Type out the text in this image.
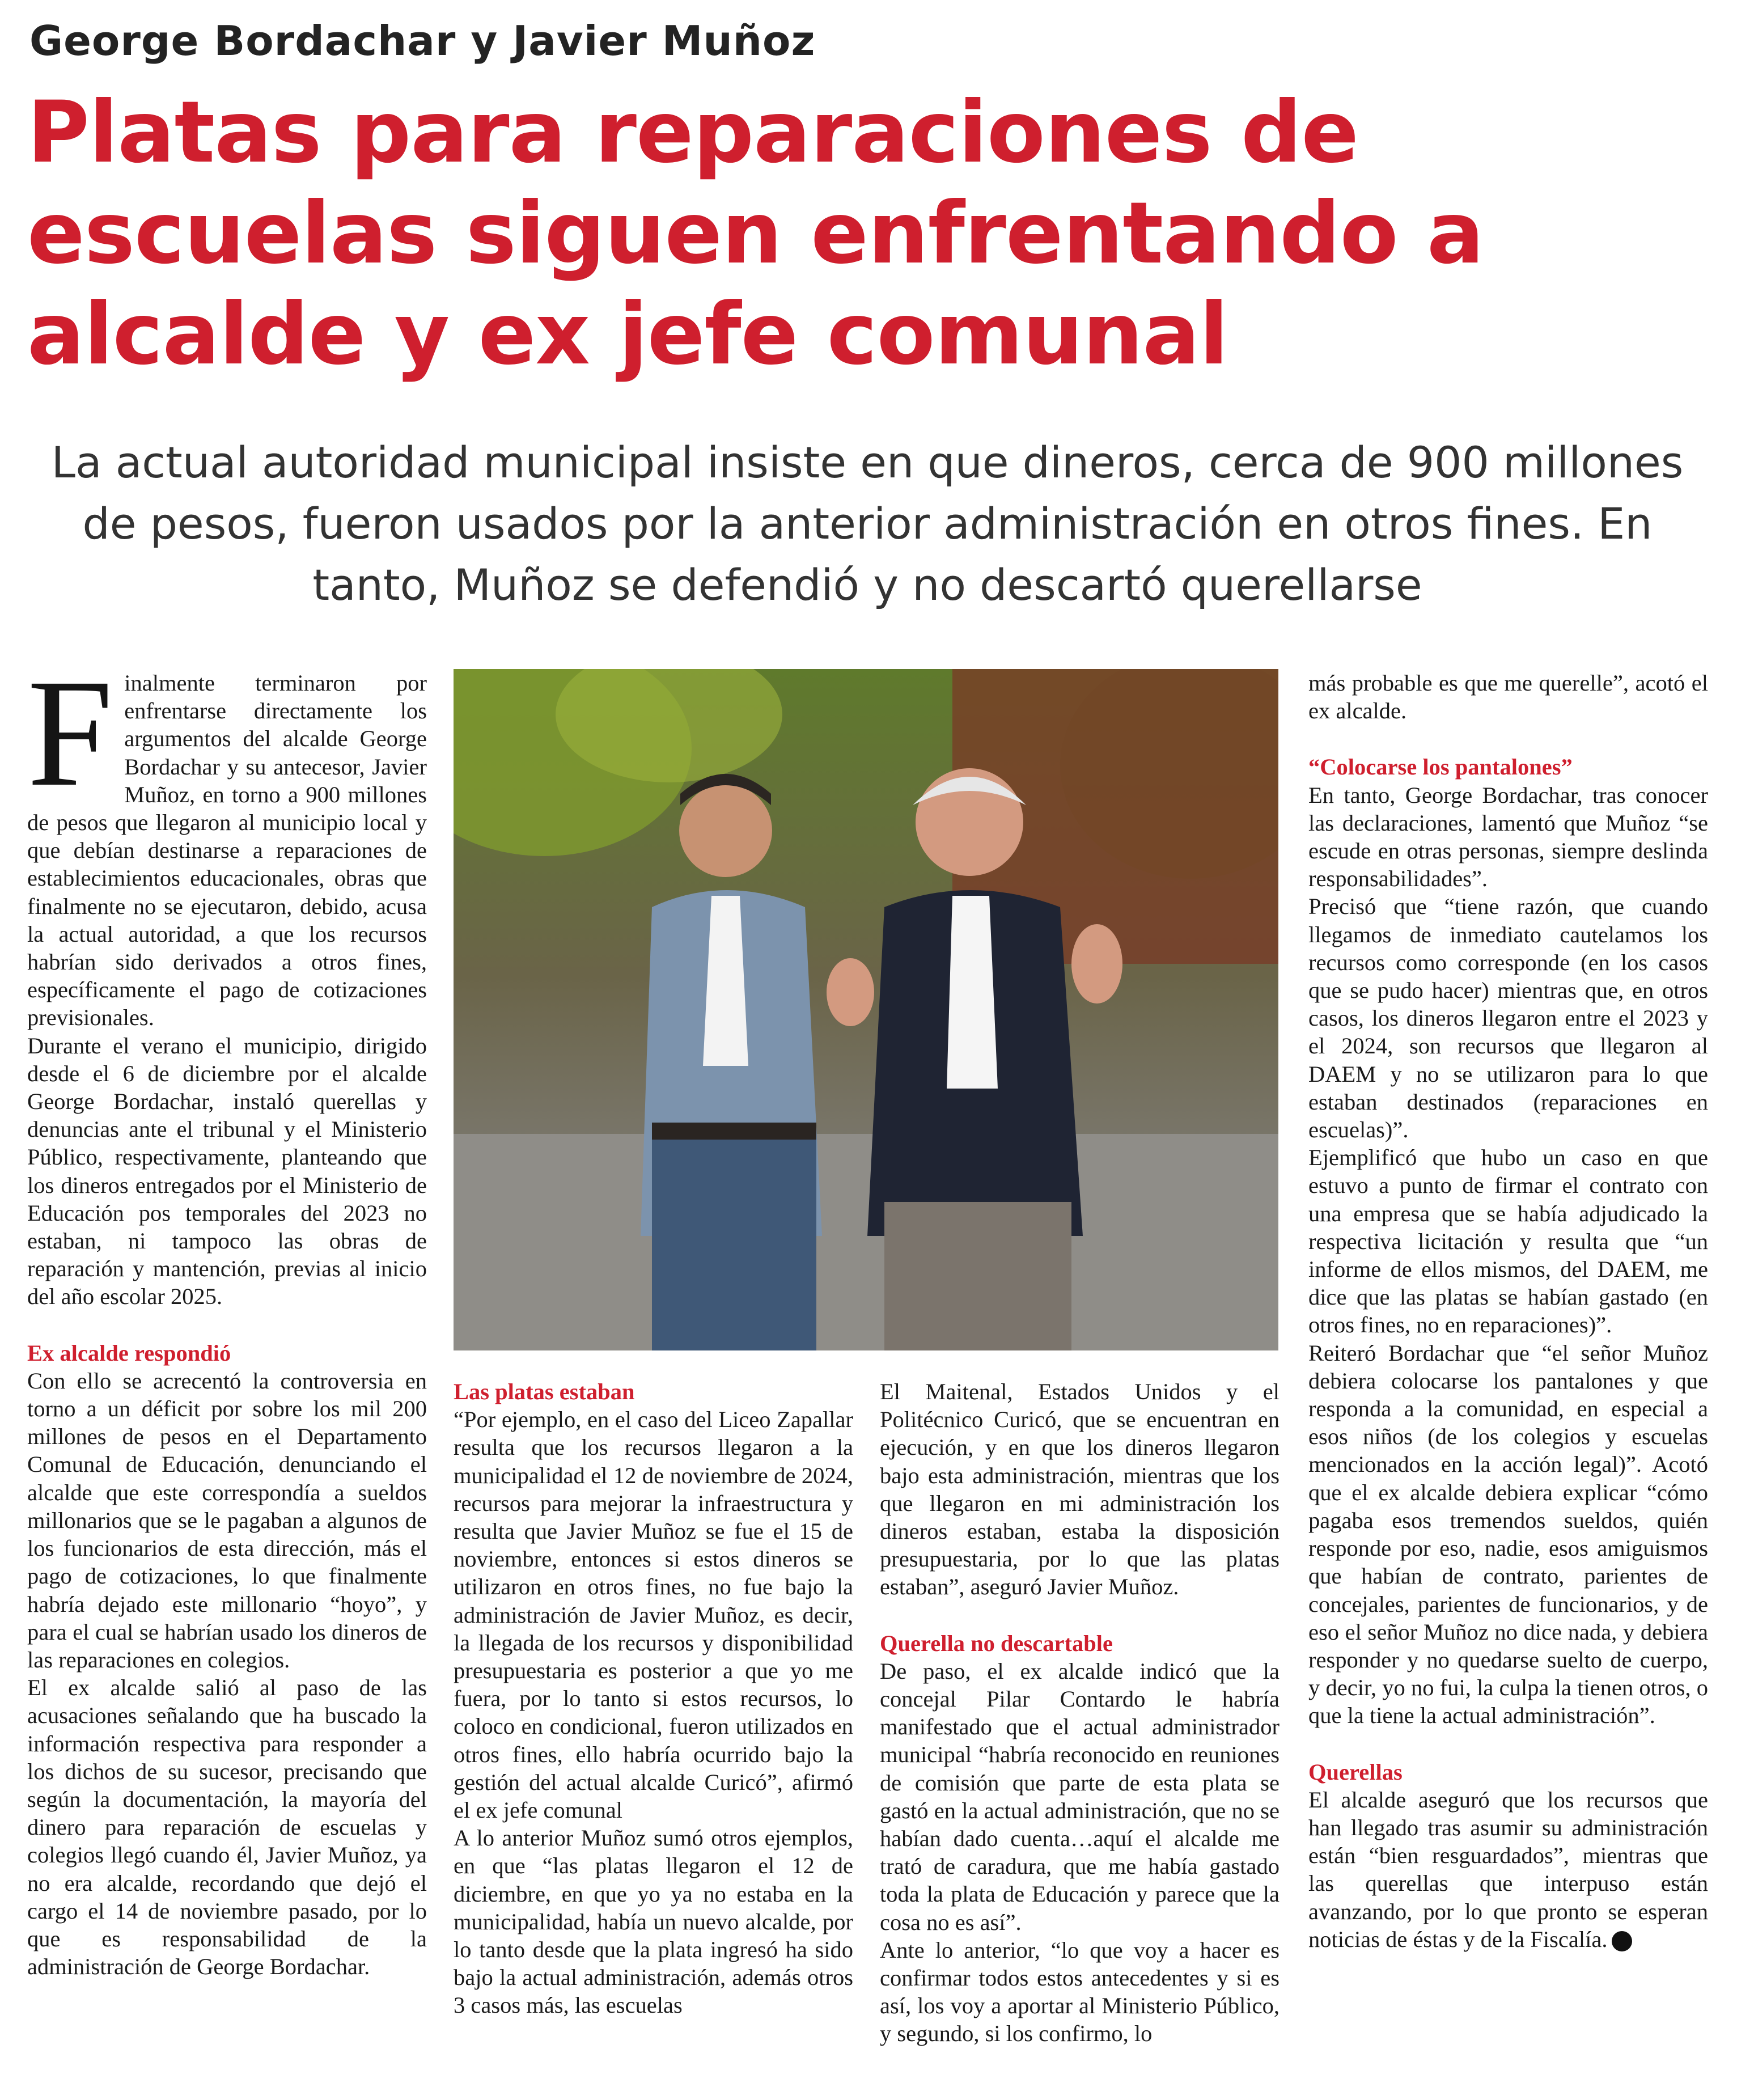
George Bordachar y Javier Muñoz
Platas para reparaciones de escuelas siguen enfrentando a alcalde y ex jefe comunal

La actual autoridad municipal insiste en que dineros, cerca de 900 millones de pesos, fueron usados por la anterior administración en otros fines. En tanto, Muñoz se defendió y no descartó querellarse

F inalmente terminaron por enfrentarse directamente los argumentos del alcalde George Bordachar y su antecesor, Javier Muñoz, en torno a 900 millones de pesos que llegaron al municipio local y que debían destinarse a reparaciones de establecimientos educacionales, obras que finalmente no se ejecutaron, debido, acusa la actual autoridad, a que los recursos habrían sido derivados a otros fines, específicamente el pago de cotizaciones previsionales.

Durante el verano el municipio, dirigido desde el 6 de diciembre por el alcalde George Bordachar, instaló querellas y denuncias ante el tribunal y el Ministerio Público, respectivamente, planteando que los dineros entregados por el Ministerio de Educación pos temporales del 2023 no estaban, ni tampoco las obras de reparación y mantención, previas al inicio del año escolar 2025.

Ex alcalde respondió

Con ello se acrecentó la controversia en torno a un déficit por sobre los mil 200 millones de pesos en el Departamento Comunal de Educación, denunciando el alcalde que este correspondía a sueldos millonarios que se le pagaban a algunos de los funcionarios de esta dirección, más el pago de cotizaciones, lo que finalmente habría dejado este millonario “hoyo”, y para el cual se habrían usado los dineros de las reparaciones en colegios.

El ex alcalde salió al paso de las acusaciones señalando que ha buscado la información respectiva para responder a los dichos de su sucesor, precisando que según la documentación, la mayoría del dinero para reparación de escuelas y colegios llegó cuando él, Javier Muñoz, ya no era alcalde, recordando que dejó el cargo el 14 de noviembre pasado, por lo que es responsabilidad de la administración de George Bordachar.

Las platas estaban

“Por ejemplo, en el caso del Liceo Zapallar resulta que los recursos llegaron a la municipalidad el 12 de noviembre de 2024, recursos para mejorar la infraestructura y resulta que Javier Muñoz se fue el 15 de noviembre, entonces si estos dineros se utilizaron en otros fines, no fue bajo la administración de Javier Muñoz, es decir, la llegada de los recursos y disponibilidad presupuestaria es posterior a que yo me fuera, por lo tanto si estos recursos, lo coloco en condicional, fueron utilizados en otros fines, ello habría ocurrido bajo la gestión del actual alcalde Curicó”, afirmó el ex jefe comunal

A lo anterior Muñoz sumó otros ejemplos, en que “las platas llegaron el 12 de diciembre, en que yo ya no estaba en la municipalidad, había un nuevo alcalde, por lo tanto desde que la plata ingresó ha sido bajo la actual administración, además otros 3 casos más, las escuelas

El Maitenal, Estados Unidos y el Politécnico Curicó, que se encuentran en ejecución, y en que los dineros llegaron bajo esta administración, mientras que los que llegaron en mi administración los dineros estaban, estaba la disposición presupuestaria, por lo que las platas estaban”, aseguró Javier Muñoz.

Querella no descartable

De paso, el ex alcalde indicó que la concejal Pilar Contardo le habría manifestado que el actual administrador municipal “habría reconocido en reuniones de comisión que parte de esta plata se gastó en la actual administración, que no se habían dado cuenta…aquí el alcalde me trató de caradura, que me había gastado toda la plata de Educación y parece que la cosa no es así”.

Ante lo anterior, “lo que voy a hacer es confirmar todos estos antecedentes y si es así, los voy a aportar al Ministerio Público, y segundo, si los confirmo, lo

más probable es que me querelle”, acotó el ex alcalde.

“Colocarse los pantalones”

En tanto, George Bordachar, tras conocer las declaraciones, lamentó que Muñoz “se escude en otras personas, siempre deslinda responsabilidades”.

Precisó que “tiene razón, que cuando llegamos de inmediato cautelamos los recursos como corresponde (en los casos que se pudo hacer) mientras que, en otros casos, los dineros llegaron entre el 2023 y el 2024, son recursos que llegaron al DAEM y no se utilizaron para lo que estaban destinados (reparaciones en escuelas)”.

Ejemplificó que hubo un caso en que estuvo a punto de firmar el contrato con una empresa que se había adjudicado la respectiva licitación y resulta que “un informe de ellos mismos, del DAEM, me dice que las platas se habían gastado (en otros fines, no en reparaciones)”.

Reiteró Bordachar que “el señor Muñoz debiera colocarse los pantalones y que responda a la comunidad, en especial a esos niños (de los colegios y escuelas mencionados en la acción legal)”. Acotó que el ex alcalde debiera explicar “cómo pagaba esos tremendos sueldos, quién responde por eso, nadie, esos amiguismos que habían de contrato, parientes de concejales, parientes de funcionarios, y de eso el señor Muñoz no dice nada, y debiera responder y no quedarse suelto de cuerpo, y decir, yo no fui, la culpa la tienen otros, o que la tiene la actual administración”.

Querellas

El alcalde aseguró que los recursos que han llegado tras asumir su administración están “bien resguardados”, mientras que las querellas que interpuso están avanzando, por lo que pronto se esperan noticias de éstas y de la Fiscalía.
